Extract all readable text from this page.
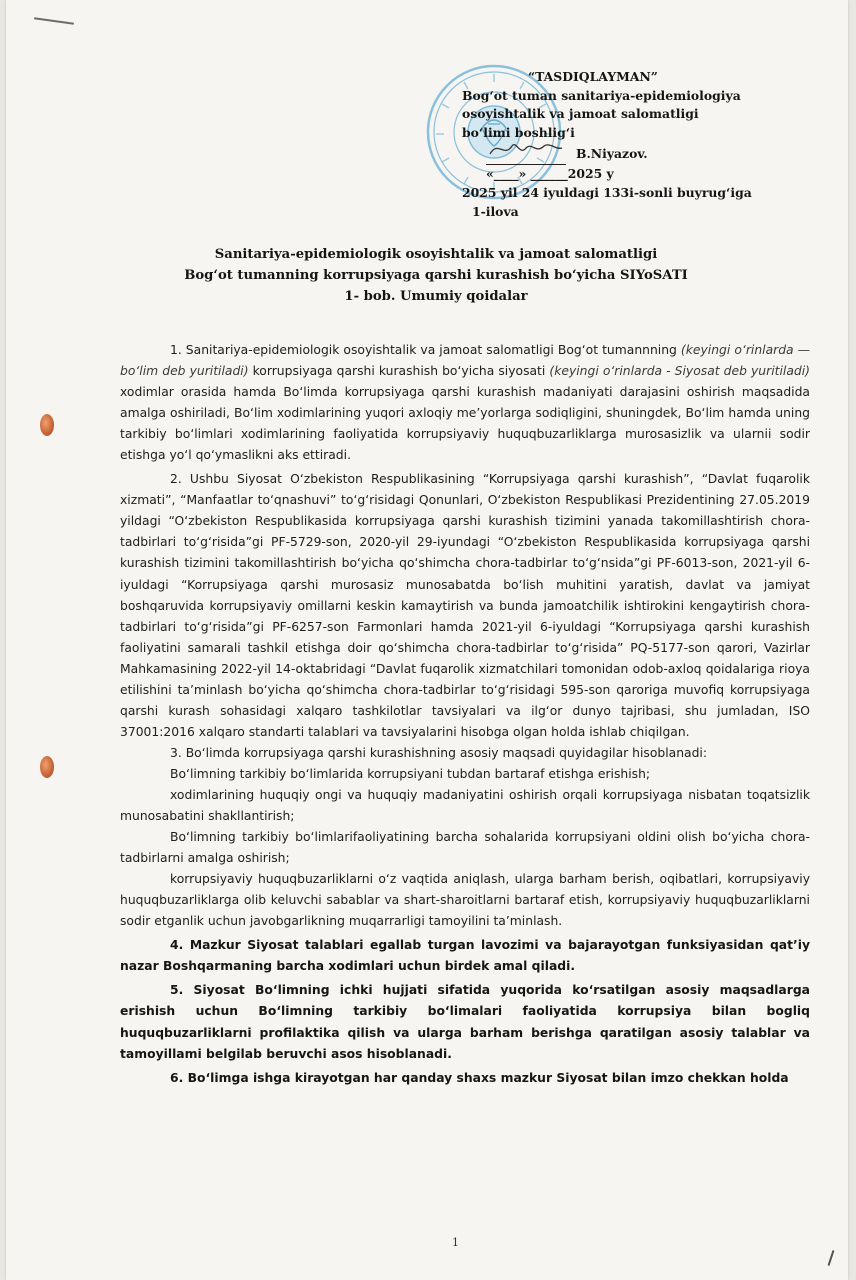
“TASDIQLAYMAN”
Bog‘ot tuman sanitariya-epidemiologiya
osoyishtalik va jamoat salomatligi
bo‘limi boshlig‘i
B.Niyazov.
«____» ______2025 y
2025 yil 24 iyuldagi 133i-sonli buyrug‘iga
1-ilova
Sanitariya-epidemiologik osoyishtalik va jamoat salomatligi
Bog‘ot tumanning korrupsiyaga qarshi kurashish bo‘yicha SIYoSATI
1- bob. Umumiy qoidalar

1. Sanitariya-epidemiologik osoyishtalik va jamoat salomatligi Bog‘ot tumannning (keyingi o‘rinlarda — bo‘lim deb yuritiladi) korrupsiyaga qarshi kurashish bo‘yicha siyosati (keyingi o‘rinlarda - Siyosat deb yuritiladi) xodimlar orasida hamda Bo‘limda korrupsiyaga qarshi kurashish madaniyati darajasini oshirish maqsadida amalga oshiriladi, Bo‘lim xodimlarining yuqori axloqiy me’yorlarga sodiqligini, shuningdek, Bo‘lim hamda uning tarkibiy bo‘limlari xodimlarining faoliyatida korrupsiyaviy huquqbuzarliklarga murosasizlik va ularnii sodir etishga yo‘l qo‘ymaslikni aks ettiradi.

2. Ushbu Siyosat O‘zbekiston Respublikasining “Korrupsiyaga qarshi kurashish”, “Davlat fuqarolik xizmati”, “Manfaatlar to‘qnashuvi” to‘g‘risidagi Qonunlari, O‘zbekiston Respublikasi Prezidentining 27.05.2019 yildagi “O‘zbekiston Respublikasida korrupsiyaga qarshi kurashish tizimini yanada takomillashtirish chora-tadbirlari to‘g‘risida”gi PF-5729-son, 2020-yil 29-iyundagi “O‘zbekiston Respublikasida korrupsiyaga qarshi kurashish tizimini takomillashtirish bo‘yicha qo‘shimcha chora-tadbirlar to‘g‘nsida”gi PF-6013-son, 2021-yil 6-iyuldagi “Korrupsiyaga qarshi murosasiz munosabatda bo‘lish muhitini yaratish, davlat va jamiyat boshqaruvida korrupsiyaviy omillarni keskin kamaytirish va bunda jamoatchilik ishtirokini kengaytirish chora-tadbirlari to‘g‘risida”gi PF-6257-son Farmonlari hamda 2021-yil 6-iyuldagi “Korrupsiyaga qarshi kurashish faoliyatini samarali tashkil etishga doir qo‘shimcha chora-tadbirlar to‘g‘risida” PQ-5177-son qarori, Vazirlar Mahkamasining 2022-yil 14-oktabridagi “Davlat fuqarolik xizmatchilari tomonidan odob-axloq qoidalariga rioya etilishini ta’minlash bo‘yicha qo‘shimcha chora-tadbirlar to‘g‘risidagi 595-son qaroriga muvofiq korrupsiyaga qarshi kurash sohasidagi xalqaro tashkilotlar tavsiyalari va ilg‘or dunyo tajribasi, shu jumladan, ISO 37001:2016 xalqaro standarti talablari va tavsiyalarini hisobga olgan holda ishlab chiqilgan.

3. Bo‘limda korrupsiyaga qarshi kurashishning asosiy maqsadi quyidagilar hisoblanadi:

Bo‘limning tarkibiy bo‘limlarida korrupsiyani tubdan bartaraf etishga erishish;

xodimlarining huquqiy ongi va huquqiy madaniyatini oshirish orqali korrupsiyaga nisbatan toqatsizlik munosabatini shakllantirish;

Bo‘limning tarkibiy bo‘limlarifaoliyatining barcha sohalarida korrupsiyani oldini olish bo‘yicha chora-tadbirlarni amalga oshirish;

korrupsiyaviy huquqbuzarliklarni o‘z vaqtida aniqlash, ularga barham berish, oqibatlari, korrupsiyaviy huquqbuzarliklarga olib keluvchi sabablar va shart-sharoitlarni bartaraf etish, korrupsiyaviy huquqbuzarliklarni sodir etganlik uchun javobgarlikning muqarrarligi tamoyilini ta’minlash.

4. Mazkur Siyosat talablari egallab turgan lavozimi va bajarayotgan funksiyasidan qat’iy nazar Boshqarmaning barcha xodimlari uchun birdek amal qiladi.

5. Siyosat Bo‘limning ichki hujjati sifatida yuqorida ko‘rsatilgan asosiy maqsadlarga erishish uchun Bo‘limning tarkibiy bo‘limalari faoliyatida korrupsiya bilan bogliq huquqbuzarliklarni profilaktika qilish va ularga barham berishga qaratilgan asosiy talablar va tamoyillami belgilab beruvchi asos hisoblanadi.

6. Bo‘limga ishga kirayotgan har qanday shaxs mazkur Siyosat bilan imzo chekkan holda

1
